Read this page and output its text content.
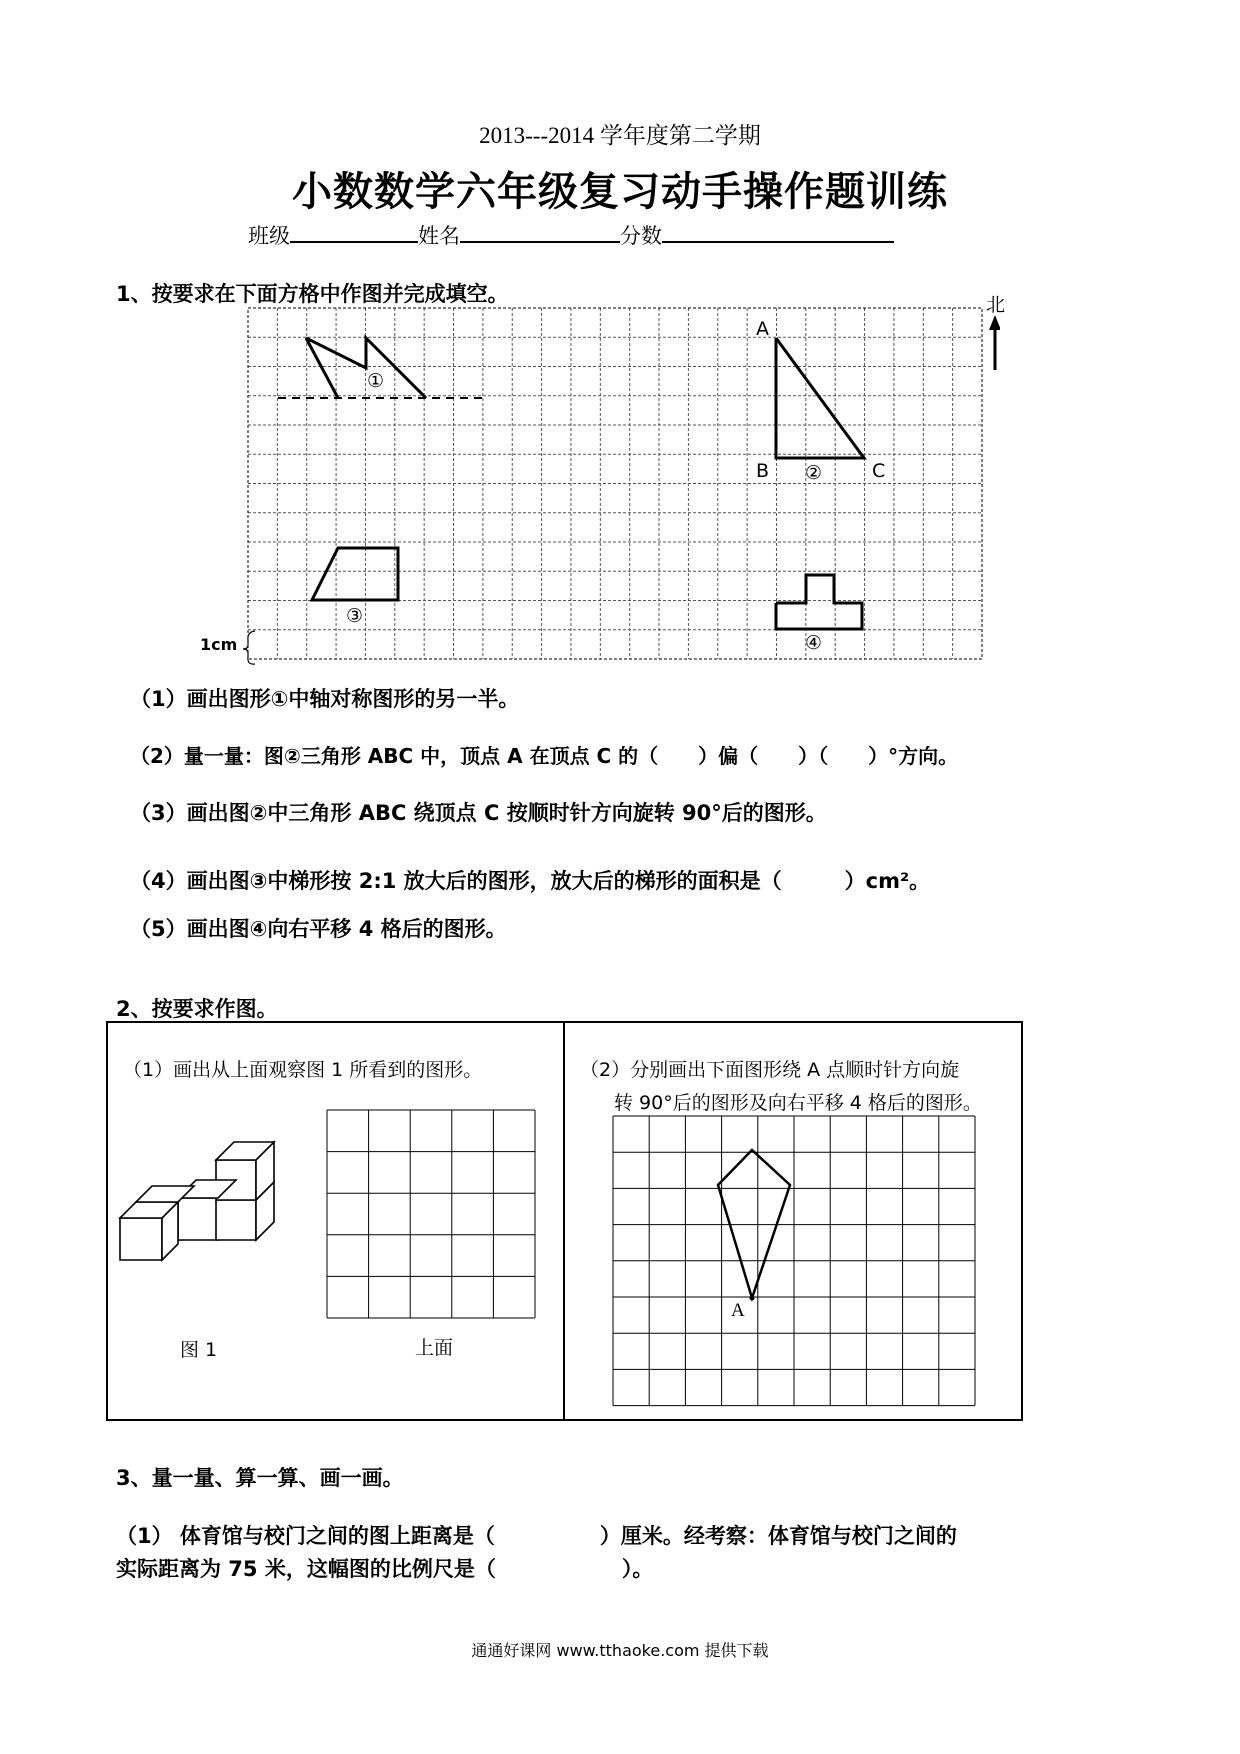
2013---2014 学年度第二学期
小数数学六年级复习动手操作题训练
班级	姓名	分数
1、按要求在下面方格中作图并完成填空。	北
1cm
①
②
③
④
A
B	C
（1）画出图形①中轴对称图形的另一半。
（2）量一量：图②三角形 ABC 中，顶点 A 在顶点 C 的（　　）偏（　　）（　　）°方向。
（3）画出图②中三角形 ABC 绕顶点 C 按顺时针方向旋转 90°后的图形。
（4）画出图③中梯形按 2:1 放大后的图形，放大后的梯形的面积是（　　　）cm²。
（5）画出图④向右平移 4 格后的图形。
2、按要求作图。
（1）画出从上面观察图 1 所看到的图形。
图 1	上面
（2）分别画出下面图形绕 A 点顺时针方向旋
转 90°后的图形及向右平移 4 格后的图形。
A
3、量一量、算一算、画一画。
（1） 体育馆与校门之间的图上距离是（　　　　　）厘米。经考察：体育馆与校门之间的
实际距离为 75 米，这幅图的比例尺是（　　　　　　）。
通通好课网 www.tthaoke.com 提供下载
